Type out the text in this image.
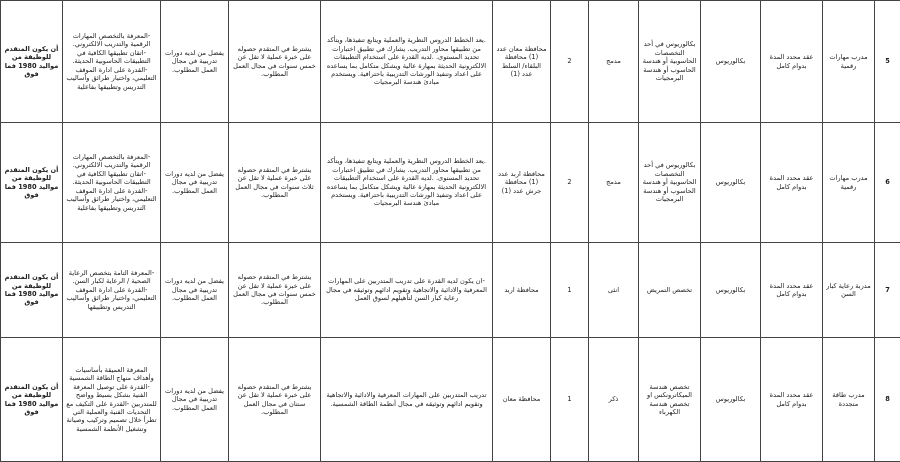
5	مدرب مهارات رقمية	عقد محدد المدة بدوام كامل	بكالوريوس	بكالوريوس في أحد التخصصات الحاسوبية أو هندسة الحاسوب أو هندسة البرمجيات	مدمج	2	محافظة معان عدد (1) محافظة البلقاء/ السلط عدد (1)	.يعد الخطط الدروس النظرية والعملية ويتابع تنفيذها، ويتأكد من تطبيقها محاور التدريب. يشارك في تطبيق اختبارات تحديد المستوى. .لديه القدرة على استخدام التطبيقات الالكترونية الحديثة بمهارة عالية ويشكل متكامل بما يساعده على اعداد وتنفيذ الورشات التدريبية باحترافية. ويستخدم مبادئ هندسة البرمجيات	يشترط في المتقدم حصوله على خبرة عملية لا تقل عن خمس سنوات في مجال العمل المطلوب.	يفضل من لديه دورات تدريبية في مجال العمل المطلوب.	-المعرفة بالتخصص المهارات الرقمية والتدريب الالكتروني. -اتقان تطبيقها الكافية في التطبيقات الحاسوبية الحديثة. -القدرة على ادارة الموقف التعليمي، واختيار طرائق وأساليب التدريس وتطبيقها بفاعلية	أن يكون المتقدم للوظيفة من مواليد 1980 فما فوق
6	مدرب مهارات رقمية	عقد محدد المدة بدوام كامل	بكالوريوس	بكالوريوس في أحد التخصصات الحاسوبية أو هندسة الحاسوب أو هندسة البرمجيات	مدمج	2	محافظة اربد عدد (1) محافظة جرش عدد (1)	.يعد الخطط الدروس النظرية والعملية ويتابع تنفيذها، ويتأكد من تطبيقها محاور التدريب. يشارك في تطبيق اختبارات تحديد المستوى. .لديه القدرة على استخدام التطبيقات الالكترونية الحديثة بمهارة عالية ويشكل متكامل بما يساعده على اعداد وتنفيذ الورشات التدريبية باحترافية. ويستخدم مبادئ هندسة البرمجيات	يشترط في المتقدم حصوله على خبرة عملية لا تقل عن ثلاث سنوات في مجال العمل المطلوب.	يفضل من لديه دورات تدريبية في مجال العمل المطلوب.	-المعرفة بالتخصص المهارات الرقمية والتدريب الالكتروني. -اتقان تطبيقها الكافية في التطبيقات الحاسوبية الحديثة. -القدرة على ادارة الموقف التعليمي، واختيار طرائق وأساليب التدريس وتطبيقها بفاعلية	أن يكون المتقدم للوظيفة من مواليد 1980 فما فوق
7	مدربة رعاية كبار السن	عقد محدد المدة بدوام كامل	بكالوريوس	تخصص التمريض	انثى	1	محافظة اربد	-ان يكون لديه القدرة على تدريب المتدربين على المهارات المعرفية والادائية والاتجاهية وتقويم ادائهم وتوثيقه في مجال رعاية كبار السن لتأهيلهم لسوق العمل	يشترط في المتقدم حصوله على خبرة عملية لا تقل عن خمس سنوات في مجال العمل المطلوب.	يفضل من لديه دورات تدريبية في مجال العمل المطلوب.	-المعرفة التامة بتخصص الرعاية الصحية / الرعاية لكبار السن. -القدرة على ادارة الموقف التعليمي، واختيار طرائق وأساليب التدريس وتطبيقها	أن يكون المتقدم للوظيفة من مواليد 1980 فما فوق
8	مدرب طاقة متجددة	عقد محدد المدة بدوام كامل	بكالوريوس	تخصص هندسة الميكاترونكس او تخصص هندسة الكهرباء	ذكر	1	محافظة معان	تدريب المتدربين على المهارات المعرفية والادائية والاتجاهية وتقويم ادائهم وتوثيقه في مجال أنظمة الطاقة الشمسية.	يشترط في المتقدم حصوله على خبرة عملية لا تقل عن سنتان في مجال العمل المطلوب.	يفضل من لديه دورات تدريبية في مجال العمل المطلوب.	المعرفة العميقة بأساسيات وأهداف منهاج الطاقة الشمسية -القدرة على توصيل المعرفة الفنية بشكل بسيط وواضح للمتدربين -القدرة على التكيف مع التحديات الفنية والعملية التي تطرأ خلال تصميم وتركيب وصيانة وتشغيل الأنظمة الشمسية	أن يكون المتقدم للوظيفة من مواليد 1980 فما فوق
